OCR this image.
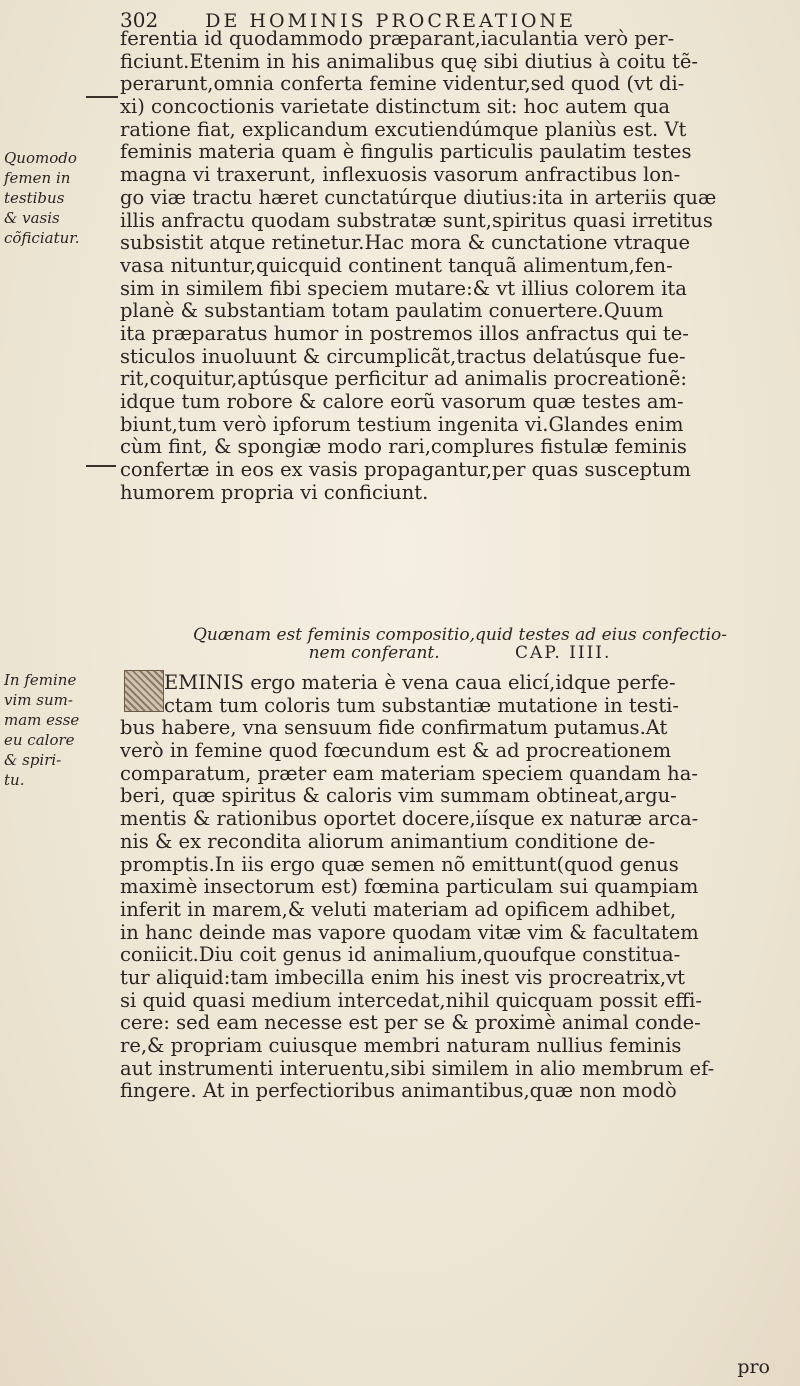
302 DE HOMINIS PROCREATIONE
Quomodo
femen in
testibus
& vasis
cõficiatur.
ferentia id quodammodo præparant,iaculantia verò per-
ficiunt.Etenim in his animalibus quę sibi diutius à coitu tẽ-
perarunt,omnia conferta femine videntur,sed quod (vt di-
xi) concoctionis varietate distinctum sit: hoc autem qua
ratione fiat, explicandum excutiendúmque planiùs est. Vt
feminis materia quam è fingulis particulis paulatim testes
magna vi traxerunt, inflexuosis vasorum anfractibus lon-
go viæ tractu hæret cunctatúrque diutius:ita in arteriis quæ
illis anfractu quodam substratæ sunt,spiritus quasi irretitus
subsistit atque retinetur.Hac mora & cunctatione vtraque
vasa nituntur,quicquid continent tanquã alimentum,fen-
sim in similem fibi speciem mutare:& vt illius colorem ita
planè & substantiam totam paulatim conuertere.Quum
ita præparatus humor in postremos illos anfractus qui te-
sticulos inuoluunt & circumplicãt,tractus delatúsque fue-
rit,coquitur,aptúsque perficitur ad animalis procreationẽ:
idque tum robore & calore eorũ vasorum quæ testes am-
biunt,tum verò ipforum testium ingenita vi.Glandes enim
cùm fint, & spongiæ modo rari,complures fistulæ feminis
confertæ in eos ex vasis propagantur,per quas susceptum
humorem propria vi conficiunt.
Quænam est feminis compositio,quid testes ad eius confectio-
nem conferant.	CAP. IIII.
In femine
vim sum-
mam esse
eu calore
& spiri-
tu.
EMINIS ergo materia è vena caua elicí,idque perfe-
ctam tum coloris tum substantiæ mutatione in testi-
bus habere, vna sensuum fide confirmatum putamus.At
verò in femine quod fœcundum est & ad procreationem
comparatum, præter eam materiam speciem quandam ha-
beri, quæ spiritus & caloris vim summam obtineat,argu-
mentis & rationibus oportet docere,iísque ex naturæ arca-
nis & ex recondita aliorum animantium conditione de-
promptis.In iis ergo quæ semen nõ emittunt(quod genus
maximè insectorum est) fœmina particulam sui quampiam
inferit in marem,& veluti materiam ad opificem adhibet,
in hanc deinde mas vapore quodam vitæ vim & facultatem
coniicit.Diu coit genus id animalium,quoufque constitua-
tur aliquid:tam imbecilla enim his inest vis procreatrix,vt
si quid quasi medium intercedat,nihil quicquam possit effi-
cere: sed eam necesse est per se & proximè animal conde-
re,& propriam cuiusque membri naturam nullius feminis
aut instrumenti interuentu,sibi similem in alio membrum ef-
fingere. At in perfectioribus animantibus,quæ non modò
pro
